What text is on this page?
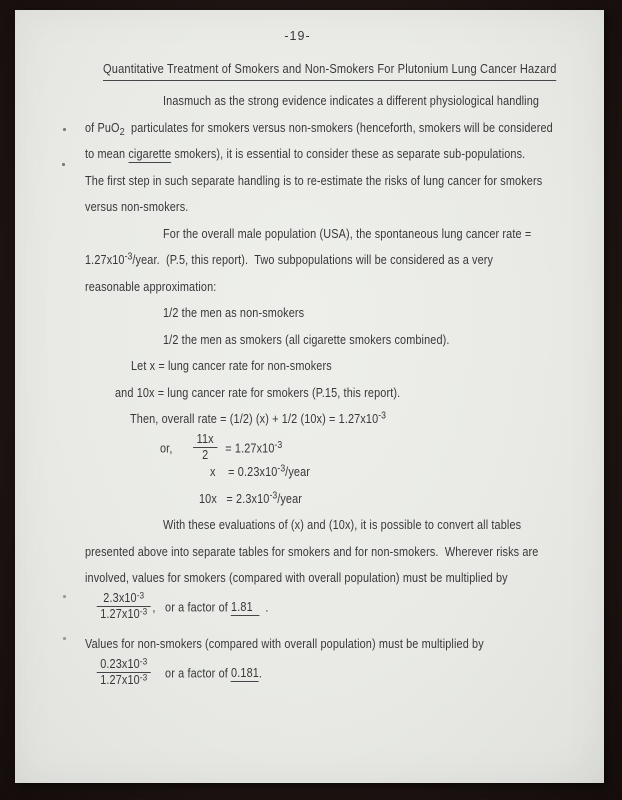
-19-
Quantitative Treatment of Smokers and Non-Smokers For Plutonium Lung Cancer Hazard
Inasmuch as the strong evidence indicates a different physiological handling
of PuO$_2$  particulates for smokers versus non-smokers (henceforth, smokers will be considered
to mean cigarette smokers), it is essential to consider these as separate sub-populations.
The first step in such separate handling is to re-estimate the risks of lung cancer for smokers
versus non-smokers.
For the overall male population (USA), the spontaneous lung cancer rate =
$1.27x10^{-3}$/year.  (P.5, this report).  Two subpopulations will be considered as a very
reasonable approximation:
1/2 the men as non-smokers
1/2 the men as smokers (all cigarette smokers combined).
Let x = lung cancer rate for non-smokers
and 10x = lung cancer rate for smokers (P.15, this report).
Then, overall rate = (1/2) (x) + 1/2 $(10x) = 1.27x10^{-3}$
or, $\frac{11x}{2} = 1.27x10^{-3}$
x    = $0.23x10^{-3}$/year
$10x = 2.3x10^{-3}$/year
With these evaluations of (x) and (10x), it is possible to convert all tables
presented above into separate tables for smokers and for non-smokers.  Wherever risks are
involved, values for smokers (compared with overall population) must be multiplied by
$\frac{2.3x10^{-3}}{1.27x10^{-3}}$ ,   or a factor of 1.81    .
Values for non-smokers (compared with overall population) must be multiplied by
$\frac{0.23x10^{-3}}{1.27x10^{-3}}$ or a factor of 0.181.
